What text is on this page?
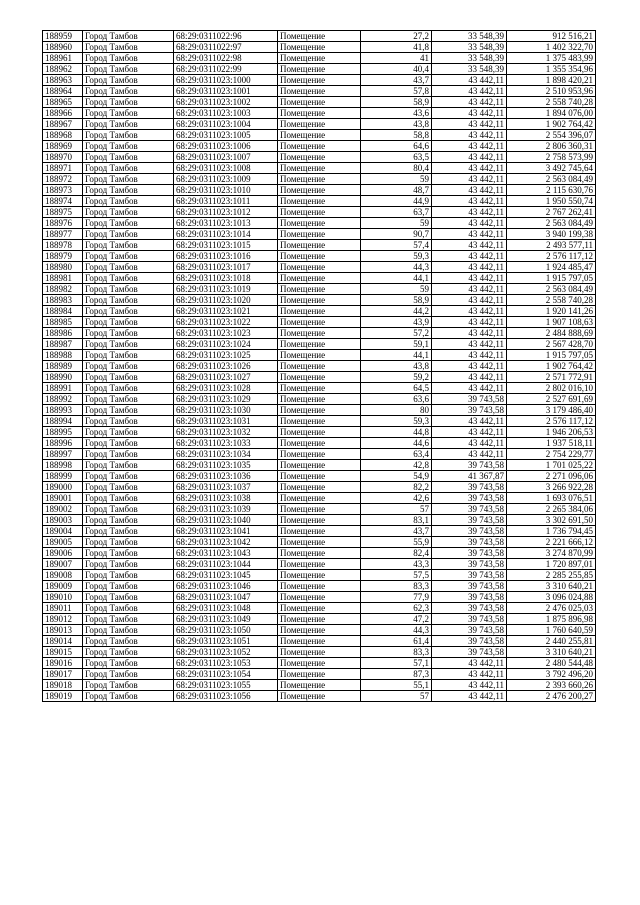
188959	Город Тамбов	68:29:0311022:96	Помещение	27,2	33 548,39	912 516,21
188960	Город Тамбов	68:29:0311022:97	Помещение	41,8	33 548,39	1 402 322,70
188961	Город Тамбов	68:29:0311022:98	Помещение	41	33 548,39	1 375 483,99
188962	Город Тамбов	68:29:0311022:99	Помещение	40,4	33 548,39	1 355 354,96
188963	Город Тамбов	68:29:0311023:1000	Помещение	43,7	43 442,11	1 898 420,21
188964	Город Тамбов	68:29:0311023:1001	Помещение	57,8	43 442,11	2 510 953,96
188965	Город Тамбов	68:29:0311023:1002	Помещение	58,9	43 442,11	2 558 740,28
188966	Город Тамбов	68:29:0311023:1003	Помещение	43,6	43 442,11	1 894 076,00
188967	Город Тамбов	68:29:0311023:1004	Помещение	43,8	43 442,11	1 902 764,42
188968	Город Тамбов	68:29:0311023:1005	Помещение	58,8	43 442,11	2 554 396,07
188969	Город Тамбов	68:29:0311023:1006	Помещение	64,6	43 442,11	2 806 360,31
188970	Город Тамбов	68:29:0311023:1007	Помещение	63,5	43 442,11	2 758 573,99
188971	Город Тамбов	68:29:0311023:1008	Помещение	80,4	43 442,11	3 492 745,64
188972	Город Тамбов	68:29:0311023:1009	Помещение	59	43 442,11	2 563 084,49
188973	Город Тамбов	68:29:0311023:1010	Помещение	48,7	43 442,11	2 115 630,76
188974	Город Тамбов	68:29:0311023:1011	Помещение	44,9	43 442,11	1 950 550,74
188975	Город Тамбов	68:29:0311023:1012	Помещение	63,7	43 442,11	2 767 262,41
188976	Город Тамбов	68:29:0311023:1013	Помещение	59	43 442,11	2 563 084,49
188977	Город Тамбов	68:29:0311023:1014	Помещение	90,7	43 442,11	3 940 199,38
188978	Город Тамбов	68:29:0311023:1015	Помещение	57,4	43 442,11	2 493 577,11
188979	Город Тамбов	68:29:0311023:1016	Помещение	59,3	43 442,11	2 576 117,12
188980	Город Тамбов	68:29:0311023:1017	Помещение	44,3	43 442,11	1 924 485,47
188981	Город Тамбов	68:29:0311023:1018	Помещение	44,1	43 442,11	1 915 797,05
188982	Город Тамбов	68:29:0311023:1019	Помещение	59	43 442,11	2 563 084,49
188983	Город Тамбов	68:29:0311023:1020	Помещение	58,9	43 442,11	2 558 740,28
188984	Город Тамбов	68:29:0311023:1021	Помещение	44,2	43 442,11	1 920 141,26
188985	Город Тамбов	68:29:0311023:1022	Помещение	43,9	43 442,11	1 907 108,63
188986	Город Тамбов	68:29:0311023:1023	Помещение	57,2	43 442,11	2 484 888,69
188987	Город Тамбов	68:29:0311023:1024	Помещение	59,1	43 442,11	2 567 428,70
188988	Город Тамбов	68:29:0311023:1025	Помещение	44,1	43 442,11	1 915 797,05
188989	Город Тамбов	68:29:0311023:1026	Помещение	43,8	43 442,11	1 902 764,42
188990	Город Тамбов	68:29:0311023:1027	Помещение	59,2	43 442,11	2 571 772,91
188991	Город Тамбов	68:29:0311023:1028	Помещение	64,5	43 442,11	2 802 016,10
188992	Город Тамбов	68:29:0311023:1029	Помещение	63,6	39 743,58	2 527 691,69
188993	Город Тамбов	68:29:0311023:1030	Помещение	80	39 743,58	3 179 486,40
188994	Город Тамбов	68:29:0311023:1031	Помещение	59,3	43 442,11	2 576 117,12
188995	Город Тамбов	68:29:0311023:1032	Помещение	44,8	43 442,11	1 946 206,53
188996	Город Тамбов	68:29:0311023:1033	Помещение	44,6	43 442,11	1 937 518,11
188997	Город Тамбов	68:29:0311023:1034	Помещение	63,4	43 442,11	2 754 229,77
188998	Город Тамбов	68:29:0311023:1035	Помещение	42,8	39 743,58	1 701 025,22
188999	Город Тамбов	68:29:0311023:1036	Помещение	54,9	41 367,87	2 271 096,06
189000	Город Тамбов	68:29:0311023:1037	Помещение	82,2	39 743,58	3 266 922,28
189001	Город Тамбов	68:29:0311023:1038	Помещение	42,6	39 743,58	1 693 076,51
189002	Город Тамбов	68:29:0311023:1039	Помещение	57	39 743,58	2 265 384,06
189003	Город Тамбов	68:29:0311023:1040	Помещение	83,1	39 743,58	3 302 691,50
189004	Город Тамбов	68:29:0311023:1041	Помещение	43,7	39 743,58	1 736 794,45
189005	Город Тамбов	68:29:0311023:1042	Помещение	55,9	39 743,58	2 221 666,12
189006	Город Тамбов	68:29:0311023:1043	Помещение	82,4	39 743,58	3 274 870,99
189007	Город Тамбов	68:29:0311023:1044	Помещение	43,3	39 743,58	1 720 897,01
189008	Город Тамбов	68:29:0311023:1045	Помещение	57,5	39 743,58	2 285 255,85
189009	Город Тамбов	68:29:0311023:1046	Помещение	83,3	39 743,58	3 310 640,21
189010	Город Тамбов	68:29:0311023:1047	Помещение	77,9	39 743,58	3 096 024,88
189011	Город Тамбов	68:29:0311023:1048	Помещение	62,3	39 743,58	2 476 025,03
189012	Город Тамбов	68:29:0311023:1049	Помещение	47,2	39 743,58	1 875 896,98
189013	Город Тамбов	68:29:0311023:1050	Помещение	44,3	39 743,58	1 760 640,59
189014	Город Тамбов	68:29:0311023:1051	Помещение	61,4	39 743,58	2 440 255,81
189015	Город Тамбов	68:29:0311023:1052	Помещение	83,3	39 743,58	3 310 640,21
189016	Город Тамбов	68:29:0311023:1053	Помещение	57,1	43 442,11	2 480 544,48
189017	Город Тамбов	68:29:0311023:1054	Помещение	87,3	43 442,11	3 792 496,20
189018	Город Тамбов	68:29:0311023:1055	Помещение	55,1	43 442,11	2 393 660,26
189019	Город Тамбов	68:29:0311023:1056	Помещение	57	43 442,11	2 476 200,27
